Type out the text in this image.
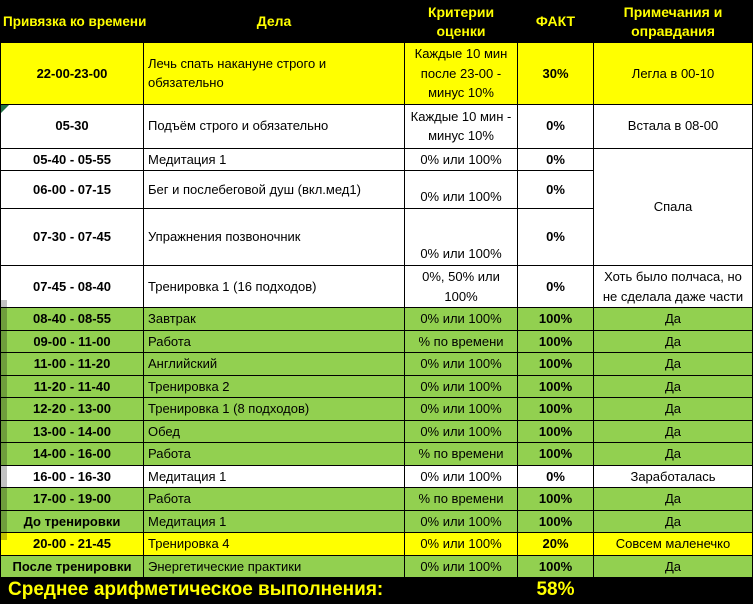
Привязка ко времени	Дела	Критерии оценки	ФАКТ	Примечания и оправдания
22-00-23-00	Лечь спать накануне строго и обязательно	Каждые 10 мин после 23-00 - минус 10%	30%	Легла в 00-10
05-30	Подъём строго и обязательно	Каждые 10 мин - минус 10%	0%	Встала в 08-00
05-40 - 05-55	Медитация 1	0% или 100%	0%	Спала
06-00 - 07-15	Бег и послебеговой душ (вкл.мед1)	0% или 100%	0%	
07-30 - 07-45	Упражнения позвоночник	0% или 100%	0%	
07-45 - 08-40	Тренировка 1 (16 подходов)	0%, 50% или 100%	0%	Хоть было полчаса, но не сделала даже части
08-40 - 08-55	Завтрак	0% или 100%	100%	Да
09-00 - 11-00	Работа	% по времени	100%	Да
11-00 - 11-20	Английский	0% или 100%	100%	Да
11-20 - 11-40	Тренировка 2	0% или 100%	100%	Да
12-20 - 13-00	Тренировка 1 (8 подходов)	0% или 100%	100%	Да
13-00 - 14-00	Обед	0% или 100%	100%	Да
14-00 - 16-00	Работа	% по времени	100%	Да
16-00 - 16-30	Медитация 1	0% или 100%	0%	Заработалась
17-00 - 19-00	Работа	% по времени	100%	Да
До тренировки	Медитация 1	0% или 100%	100%	Да
20-00 - 21-45	Тренировка 4	0% или 100%	20%	Совсем маленечко
После тренировки	Энергетические практики	0% или 100%	100%	Да
Среднее арифметическое выполнения:			58%	
